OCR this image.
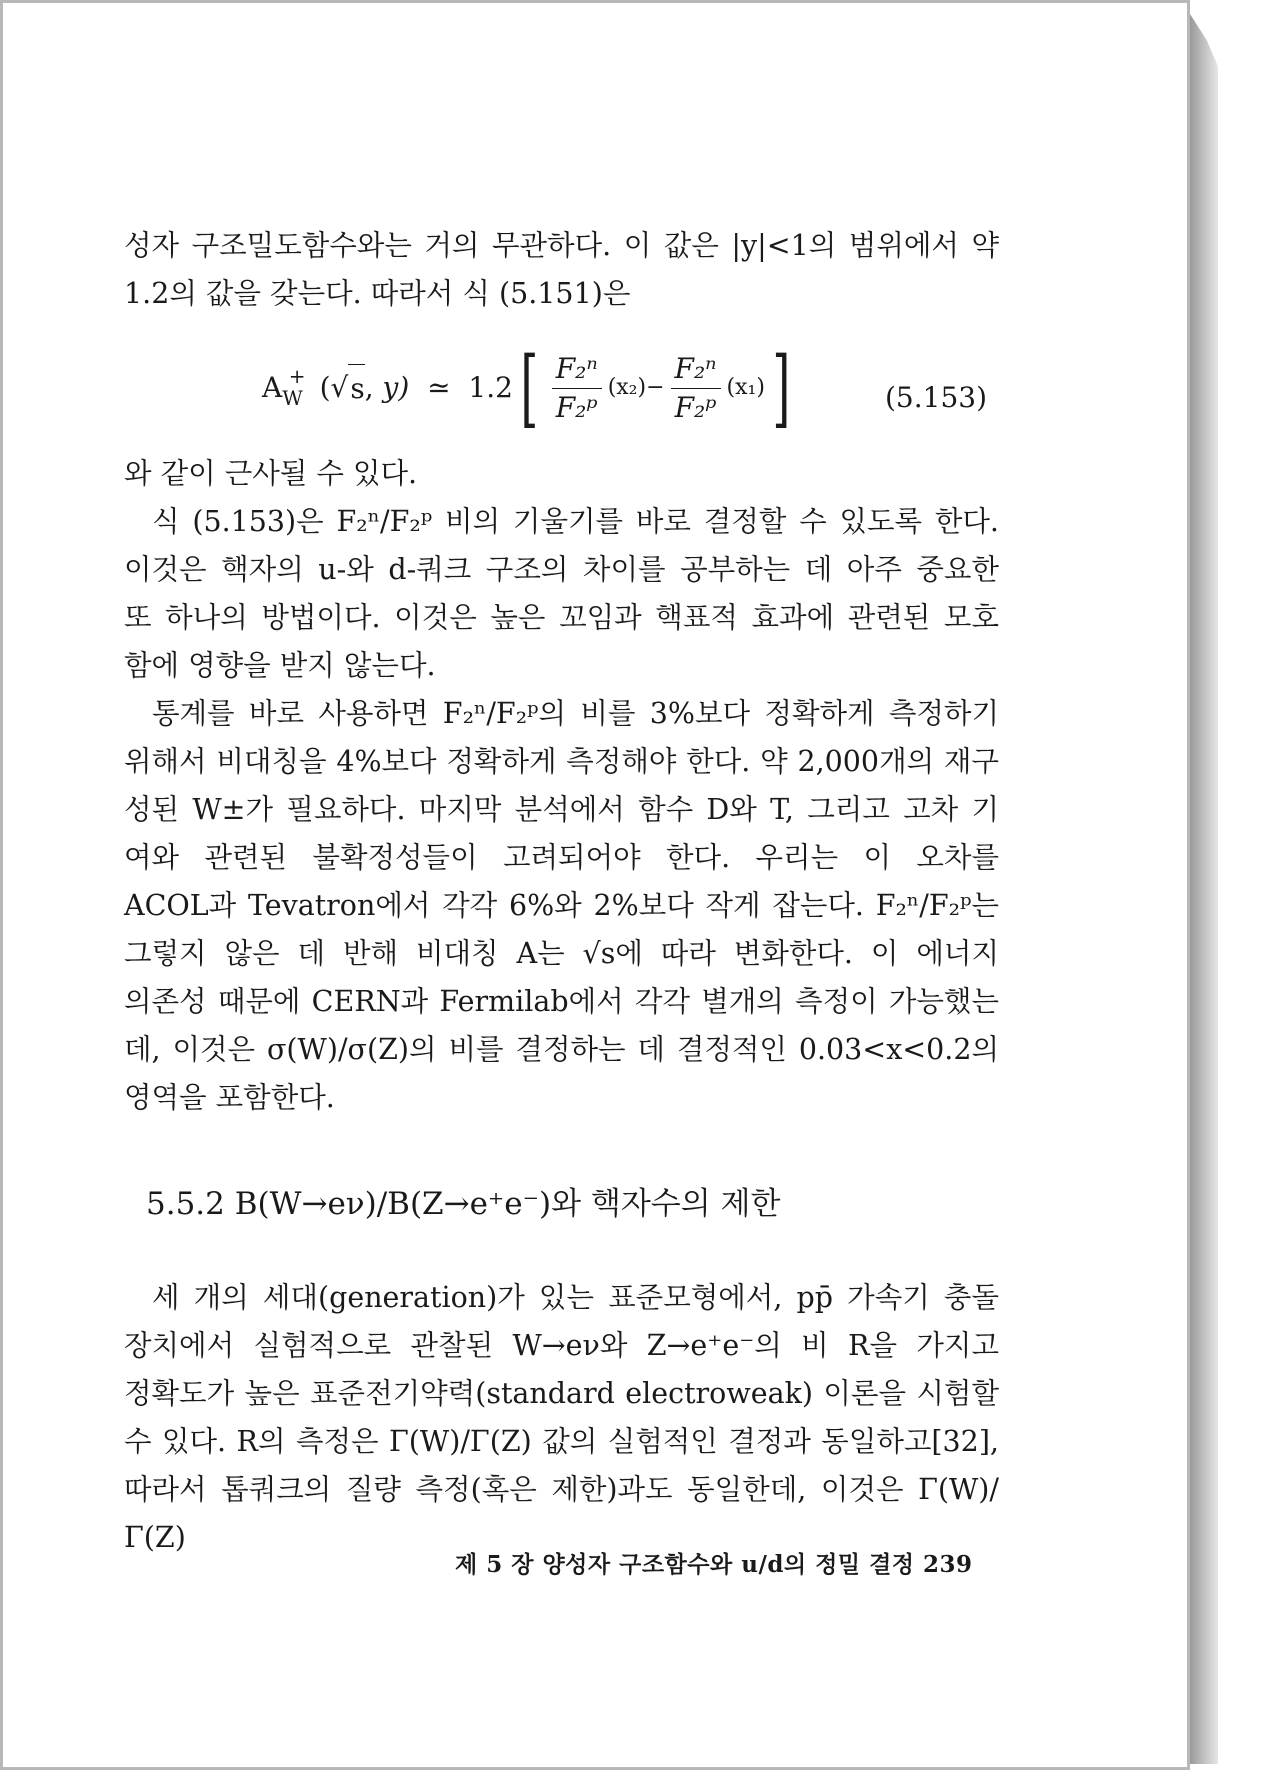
성자 구조밀도함수와는 거의 무관하다. 이 값은 |y|<1의 범위에서 약

1.2의 값을 갖는다. 따라서 식 (5.151)은

A W
+ ( √ s ,
y)
≃
1.2 [ $\frac{\text{F₂ⁿ}}{\text{F₂ᵖ}} (x_2)- \frac{\text{F₂ⁿ}}{\text{F₂ᵖ}} (x_1)$ ]	(5.153)

와 같이 근사될 수 있다.

식 (5.153)은 F₂ⁿ/F₂ᵖ 비의 기울기를 바로 결정할 수 있도록 한다.

이것은 핵자의 u-와 d-쿼크 구조의 차이를 공부하는 데 아주 중요한

또 하나의 방법이다. 이것은 높은 꼬임과 핵표적 효과에 관련된 모호

함에 영향을 받지 않는다.

통계를 바로 사용하면 F₂ⁿ/F₂ᵖ의 비를 3%보다 정확하게 측정하기

위해서 비대칭을 4%보다 정확하게 측정해야 한다. 약 2,000개의 재구

성된 W±가 필요하다. 마지막 분석에서 함수 D와 T, 그리고 고차 기

여와 관련된 불확정성들이 고려되어야 한다. 우리는 이 오차를

ACOL과 Tevatron에서 각각 6%와 2%보다 작게 잡는다. F₂ⁿ/F₂ᵖ는

그렇지 않은 데 반해 비대칭 A는 √s에 따라 변화한다. 이 에너지

의존성 때문에 CERN과 Fermilab에서 각각 별개의 측정이 가능했는

데, 이것은 σ(W)/σ(Z)의 비를 결정하는 데 결정적인 0.03<x<0.2의

영역을 포함한다.

5.5.2 B(W→eν)/B(Z→e⁺e⁻)와 핵자수의 제한

세 개의 세대(generation)가 있는 표준모형에서, pp̄ 가속기 충돌

장치에서 실험적으로 관찰된 W→eν와 Z→e⁺e⁻의 비 R을 가지고

정확도가 높은 표준전기약력(standard electroweak) 이론을 시험할

수 있다. R의 측정은 Γ(W)/Γ(Z) 값의 실험적인 결정과 동일하고[32],

따라서 톱쿼크의 질량 측정(혹은 제한)과도 동일한데, 이것은 Γ(W)/Γ(Z)

제 5 장 양성자 구조함수와 u/d의 정밀 결정 239
